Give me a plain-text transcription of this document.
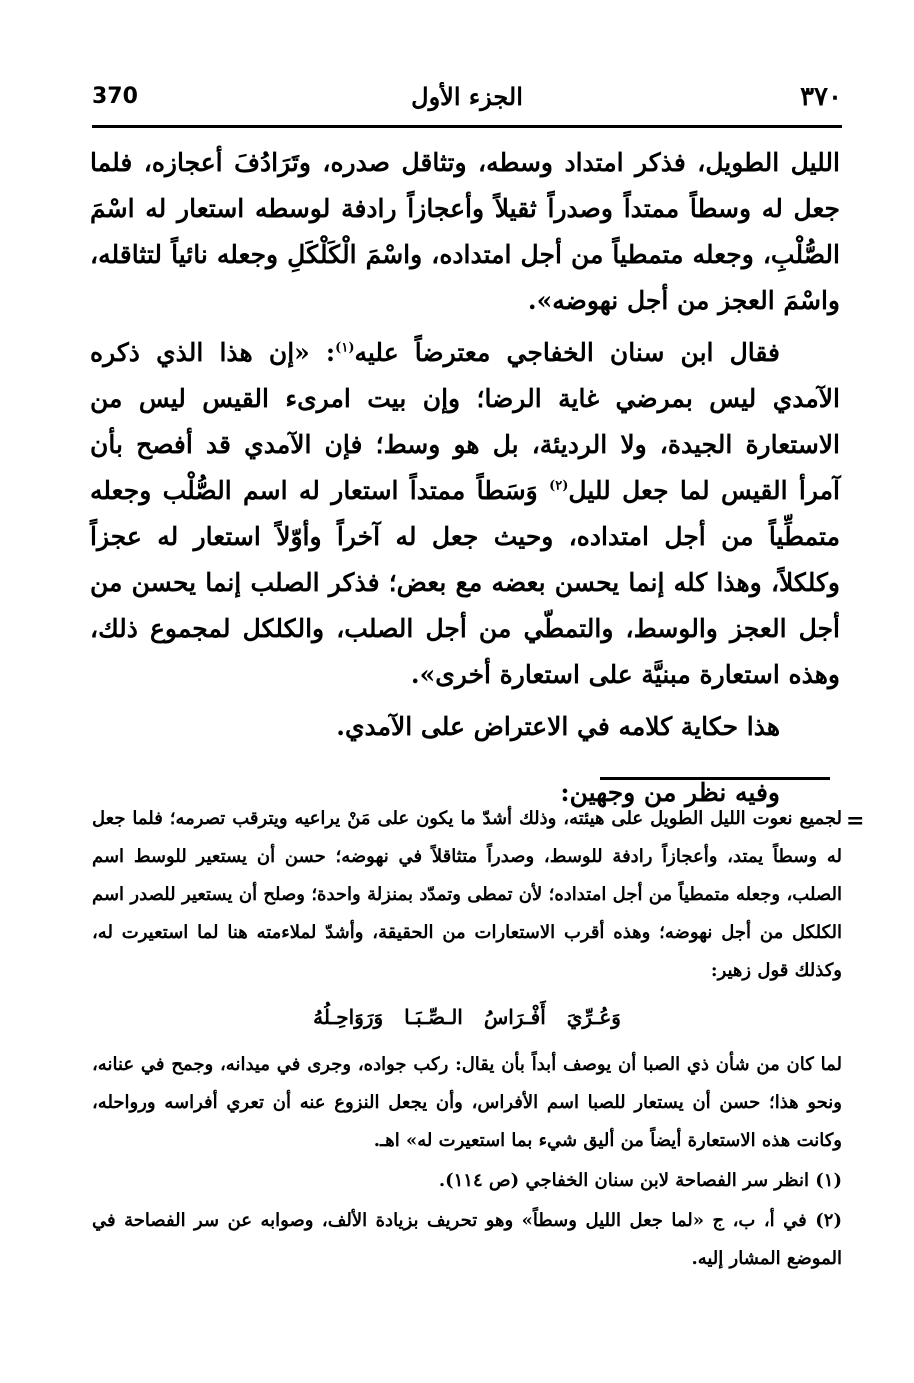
370	الجزء الأول	٣٧٠

الليل الطويل، فذكر امتداد وسطه، وتثاقل صدره، وتَرَادُفَ أعجازه، فلما جعل له وسطاً ممتداً وصدراً ثقيلاً وأعجازاً رادفة لوسطه استعار له اسْمَ الصُّلْبِ، وجعله متمطياً من أجل امتداده، واسْمَ الْكَلْكَلِ وجعله نائياً لتثاقله، واسْمَ العجز من أجل نهوضه».

فقال ابن سنان الخفاجي معترضاً عليه$^{(١)}$: «إن هذا الذي ذكره الآمدي ليس بمرضي غاية الرضا؛ وإن بيت امرىء القيس ليس من الاستعارة الجيدة، ولا الرديئة، بل هو وسط؛ فإن الآمدي قد أفصح بأن آمرأ القيس لما جعل لليل$^{(٢)}$ وَسَطاً ممتداً استعار له اسم الصُّلْب وجعله متمطِّياً من أجل امتداده، وحيث جعل له آخراً وأوّلاً استعار له عجزاً وكلكلاً، وهذا كله إنما يحسن بعضه مع بعض؛ فذكر الصلب إنما يحسن من أجل العجز والوسط، والتمطّي من أجل الصلب، والكلكل لمجموع ذلك، وهذه استعارة مبنيَّة على استعارة أخرى».

هذا حكاية كلامه في الاعتراض على الآمدي.

وفيه نظر من وجهين:

=

لجميع نعوت الليل الطويل على هيئته، وذلك أشدّ ما يكون على مَنْ يراعيه ويترقب تصرمه؛ فلما جعل له وسطاً يمتد، وأعجازاً رادفة للوسط، وصدراً متثاقلاً في نهوضه؛ حسن أن يستعير للوسط اسم الصلب، وجعله متمطياً من أجل امتداده؛ لأن تمطى وتمدّد بمنزلة واحدة؛ وصلح أن يستعير للصدر اسم الكلكل من أجل نهوضه؛ وهذه أقرب الاستعارات من الحقيقة، وأشدّ لملاءمته هنا لما استعيرت له، وكذلك قول زهير:

وَعُـرِّيَ أَفْـرَاسُ الـصِّـبَـا وَرَوَاحِـلُهُ

لما كان من شأن ذي الصبا أن يوصف أبداً بأن يقال: ركب جواده، وجرى في ميدانه، وجمح في عنانه، ونحو هذا؛ حسن أن يستعار للصبا اسم الأفراس، وأن يجعل النزوع عنه أن تعري أفراسه ورواحله، وكانت هذه الاستعارة أيضاً من أليق شيء بما استعيرت له» اهـ.

(١) انظر سر الفصاحة لابن سنان الخفاجي (ص ١١٤).

(٢) في أ، ب، ج «لما جعل الليل وسطاً» وهو تحريف بزيادة الألف، وصوابه عن سر الفصاحة في الموضع المشار إليه.
